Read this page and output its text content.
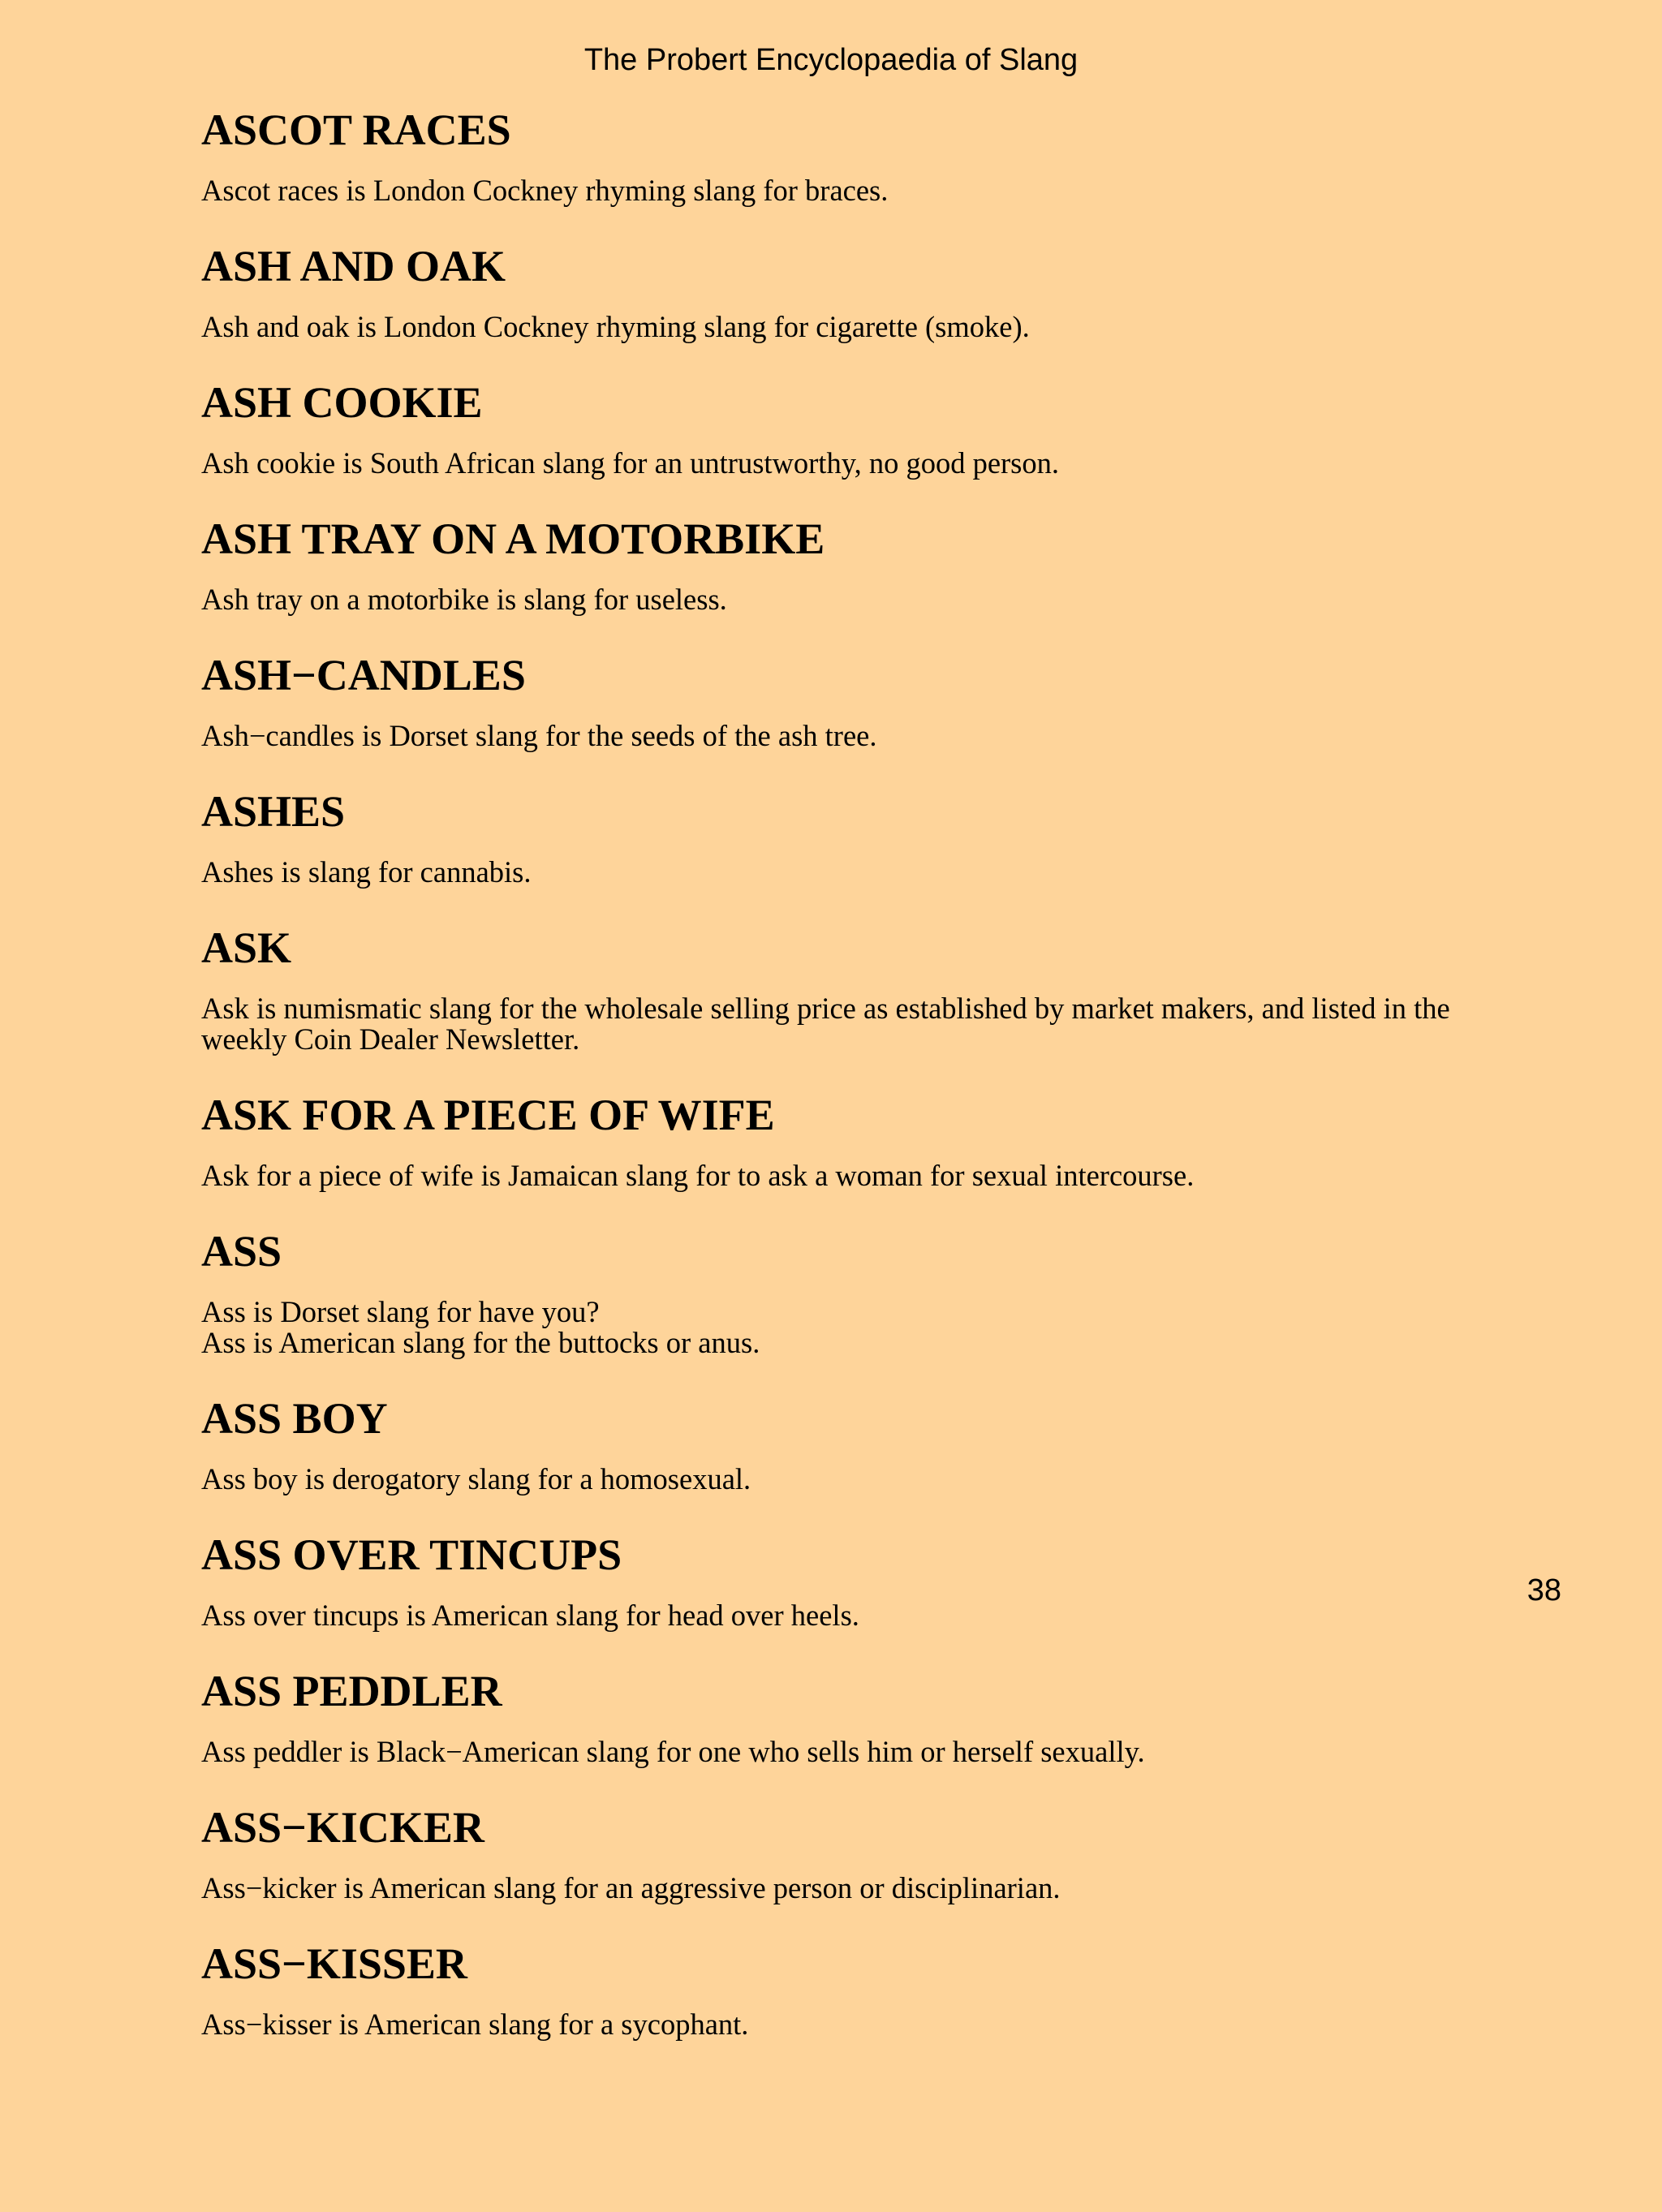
The Probert Encyclopaedia of Slang
ASCOT RACES

Ascot races is London Cockney rhyming slang for braces.

ASH AND OAK

Ash and oak is London Cockney rhyming slang for cigarette (smoke).

ASH COOKIE

Ash cookie is South African slang for an untrustworthy, no good person.

ASH TRAY ON A MOTORBIKE

Ash tray on a motorbike is slang for useless.

ASH−CANDLES

Ash−candles is Dorset slang for the seeds of the ash tree.

ASHES

Ashes is slang for cannabis.

ASK

Ask is numismatic slang for the wholesale selling price as established by market makers, and listed in the weekly Coin Dealer Newsletter.

ASK FOR A PIECE OF WIFE

Ask for a piece of wife is Jamaican slang for to ask a woman for sexual intercourse.

ASS

Ass is Dorset slang for have you?

Ass is American slang for the buttocks or anus.

ASS BOY

Ass boy is derogatory slang for a homosexual.

ASS OVER TINCUPS

Ass over tincups is American slang for head over heels.

ASS PEDDLER

Ass peddler is Black−American slang for one who sells him or herself sexually.

ASS−KICKER

Ass−kicker is American slang for an aggressive person or disciplinarian.

ASS−KISSER

Ass−kisser is American slang for a sycophant.

38
